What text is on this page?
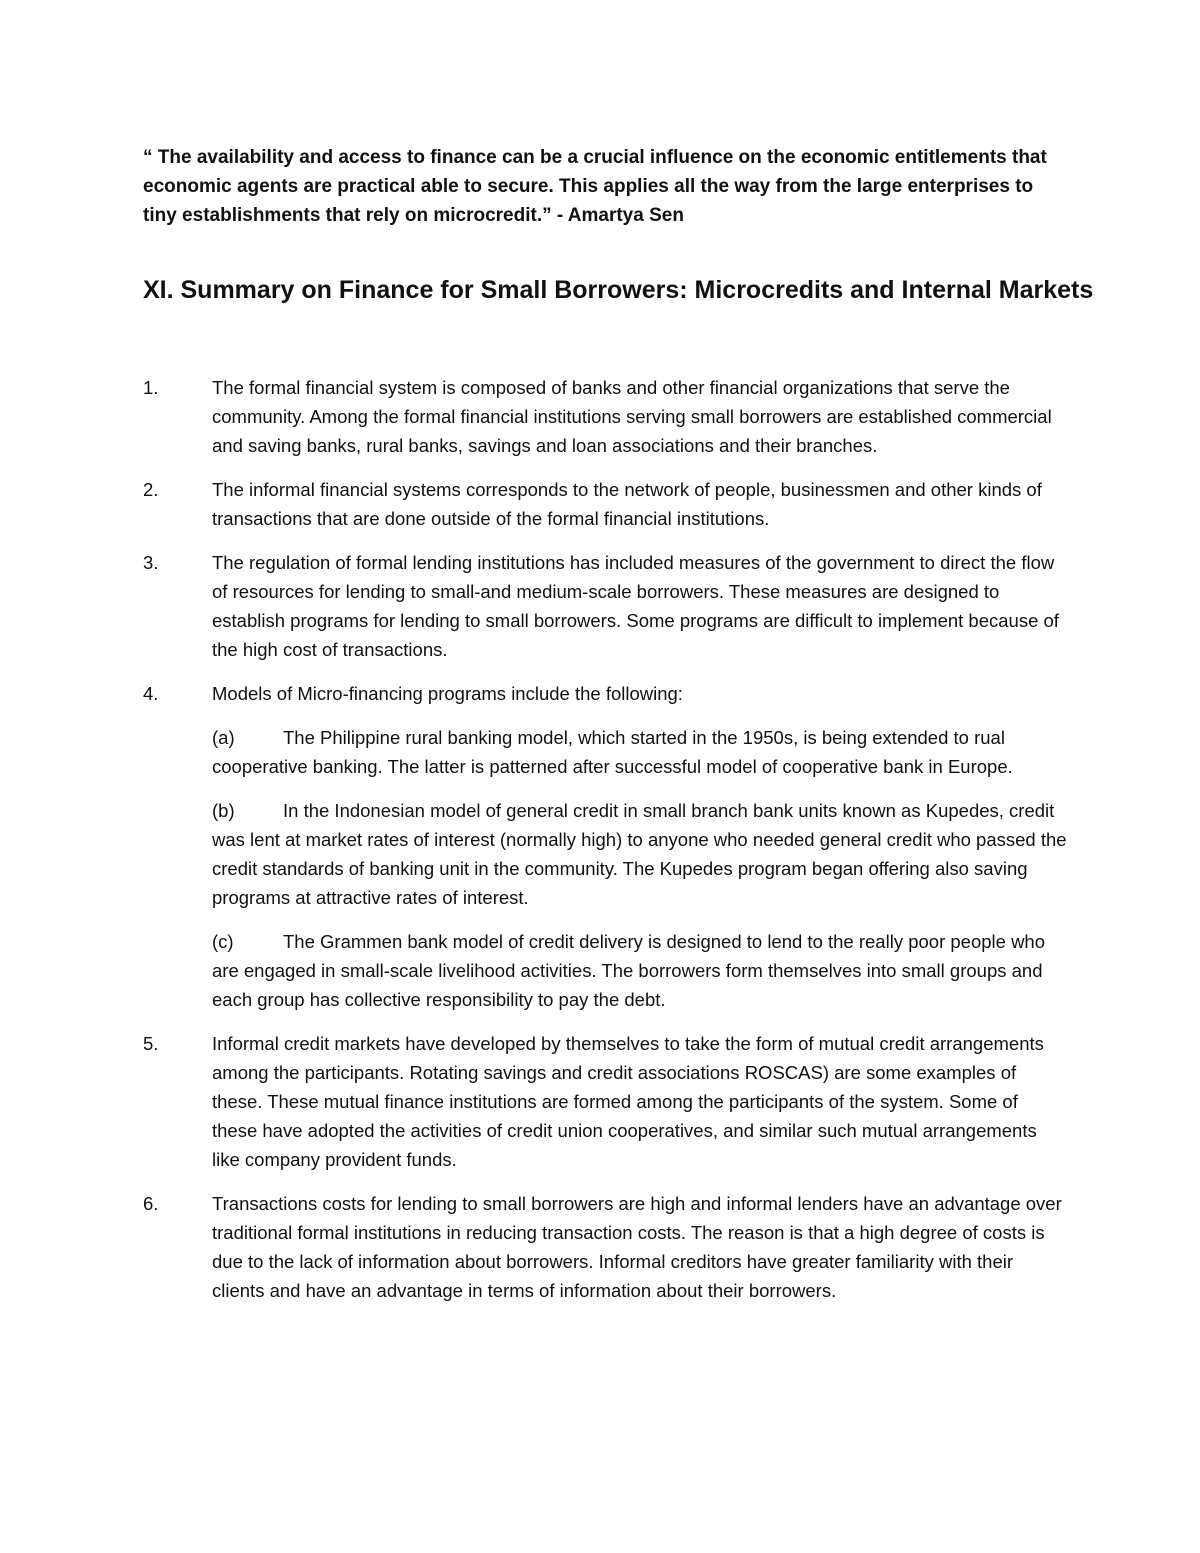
“ The availability and access to finance can be a crucial influence on the economic entitlements that economic agents are practical able to secure. This applies all the way from the large enterprises to tiny establishments that rely on microcredit.” - Amartya Sen
XI. Summary on Finance for Small Borrowers: Microcredits and Internal Markets
1.	The formal financial system is composed of banks and other financial organizations that serve the community. Among the formal financial institutions serving small borrowers are established commercial and saving banks, rural banks, savings and loan associations and their branches.
2.	The informal financial systems corresponds to the network of people, businessmen and other kinds of transactions that are done outside of the formal financial institutions.
3.	The regulation of formal lending institutions has included measures of the government to direct the flow of resources for lending to small-and medium-scale borrowers. These measures are designed to establish programs for lending to small borrowers. Some programs are difficult to implement because of the high cost of transactions.
4.	Models of Micro-financing programs include the following:
(a)	The Philippine rural banking model, which started in the 1950s, is being extended to rual cooperative banking. The latter is patterned after successful model of cooperative bank in Europe.
(b)	In the Indonesian model of general credit in small branch bank units known as Kupedes, credit was lent at market rates of interest (normally high) to anyone who needed general credit who passed the credit standards of banking unit in the community. The Kupedes program began offering also saving programs at attractive rates of interest.
(c)	The Grammen bank model of credit delivery is designed to lend to the really poor people who are engaged in small-scale livelihood activities. The borrowers form themselves into small groups and each group has collective responsibility to pay the debt.
5.	Informal credit markets have developed by themselves to take the form of mutual credit arrangements among the participants. Rotating savings and credit associations ROSCAS) are some examples of these. These mutual finance institutions are formed among the participants of the system. Some of these have adopted the activities of credit union cooperatives, and similar such mutual arrangements like company provident funds.
6.	Transactions costs for lending to small borrowers are high and informal lenders have an advantage over traditional formal institutions in reducing transaction costs. The reason is that a high degree of costs is due to the lack of information about borrowers. Informal creditors have greater familiarity with their clients and have an advantage in terms of information about their borrowers.
